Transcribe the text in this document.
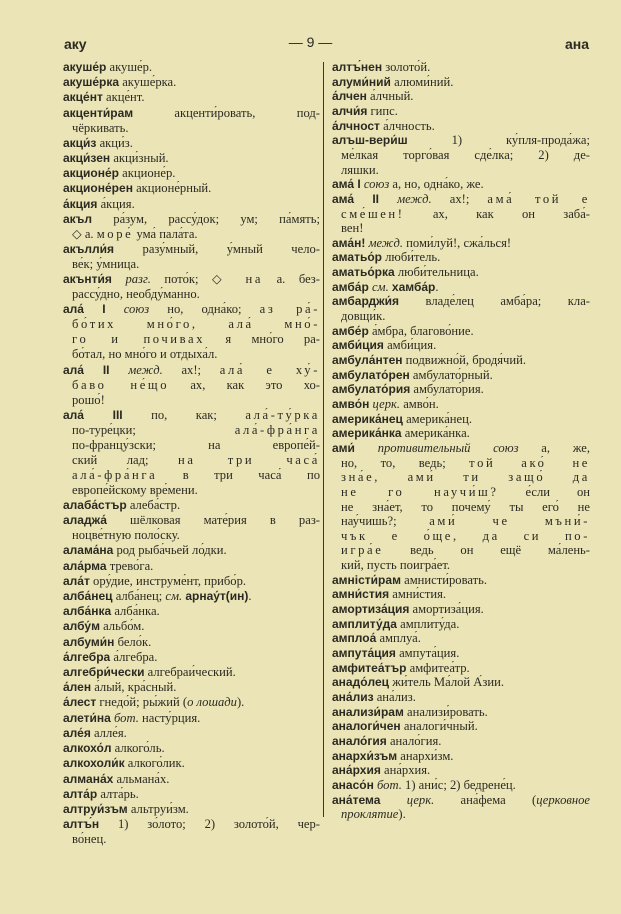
аку	— 9 —	ана
акуше́р акуше́р.
акуше́рка акуше́рка.
акце́нт акце́нт.
акценти́рам	акценти́ровать, под-
чёркивать.
акци́з акци́з.
акци́зен акци́зный.
акционе́р акционе́р.
акционе́рен акционе́рный.
а́кция а́кция.
акъл ра́зум, рассу́док; ум; па́мять;
◇ а. море́ ума́ пала́та.
акълли́я разу́мный, у́мный чело-
ве́к; у́мница.
акънти́я разг. пото́к; ◇ на а. без-
рассу́дно, необду́манно.
ала́ I союз но, одна́ко; аз ра́-
бо́тих мно́го, ала́ мно́-
го и почивах я мно́го ра-
бо́тал, но мно́го и отдыха́л.
ала́ II межд. ах!; ала́ е ху́-
баво не́що ах, как это хо-
рошо́!
ала́ III по, как; ала́-ту́рка
по-туре́цки; ала́-фра́нга
по-францу́зски; на европе́й-
ский лад; на три часа́
ала́-фра́нга в три часа́ по
европе́йскому вре́мени.
алаба́стър алеба́стр.
аладжа́ шёлковая мате́рия в раз-
ноцве́тную поло́ску.
алама́на род рыба́чьей ло́дки.
ала́рма трево́га.
ала́т ору́дие, инструме́нт, прибо́р.
алба́нец алба́нец; см. арнау́т(ин).
алба́нка алба́нка.
албу́м альбо́м.
албуми́н бело́к.
а́лгебра а́лгебра.
алгебри́чески алгебраи́ческий.
а́лен а́лый, кра́сный.
а́лест гнедо́й; ры́жий (о лошади).
алети́на бот. насту́рция.
але́я алле́я.
алкохо́л алкого́ль.
алкохоли́к алкого́лик.
алмана́х альмана́х.
алта́р алта́рь.
алтруи́зъм альтруи́зм.
алтъ́н 1) зо́лото; 2) золото́й, чер-
во́нец.
алтъ́нен золото́й.
алуми́ний алюми́ний.
а́лчен а́лчный.
алчи́я гипс.
а́лчност а́лчность.
алъш-вери́ш	1) ку́пля-прода́жа;
ме́лкая торго́вая сде́лка; 2) де-
ляшки.
ама́ I союз а, но, одна́ко, же.
ама́ II межд. ах!; ама́ той е
сме́шен! ах, как он заба́-
вен!
ама́н! межд. поми́луй!, сжа́лься!
аматьо́р люби́тель.
аматьо́рка люби́тельница.
амба́р см. хамба́р.
амбарджи́я владе́лец амба́ра; кла-
довщи́к.
амбе́р а́мбра, благово́ние.
амби́ция амби́ция.
амбула́нтен подвижно́й, бродя́чий.
амбулато́рен амбулато́рный.
амбулато́рия амбулато́рия.
амво́н церк. амво́н.
америка́нец америка́нец.
америка́нка америка́нка.
ами́ противительный союз а, же,
но, то, ведь; той ако́ не
зна́е, ами́ ти защо́ да
не го научи́ш? е́сли он
не зна́ет, то почему́ ты его́ не
нау́чишь?; ами́ че мъни́-
чък е о́ще, да си по-
игра́е ведь он ещё ма́лень-
кий, пусть поигра́ет.
амністи́рам амнисти́ровать.
амни́стия амни́стия.
амортиза́ция амортиза́ция.
амплиту́да амплиту́да.
амплоа́ амплуа́.
ампута́ция ампута́ция.
амфитеа́тър амфитеа́тр.
анадо́лец жи́тель Ма́лой А́зии.
ана́лиз ана́лиз.
анализи́рам анализи́ровать.
аналоги́чен аналоги́чный.
анало́гия анало́гия.
анархи́зъм анархи́зм.
ана́рхия ана́рхия.
анасо́н бот. 1) ани́с; 2) бедрене́ц.
ана́тема церк. ана́фема (церковное
проклятие).
